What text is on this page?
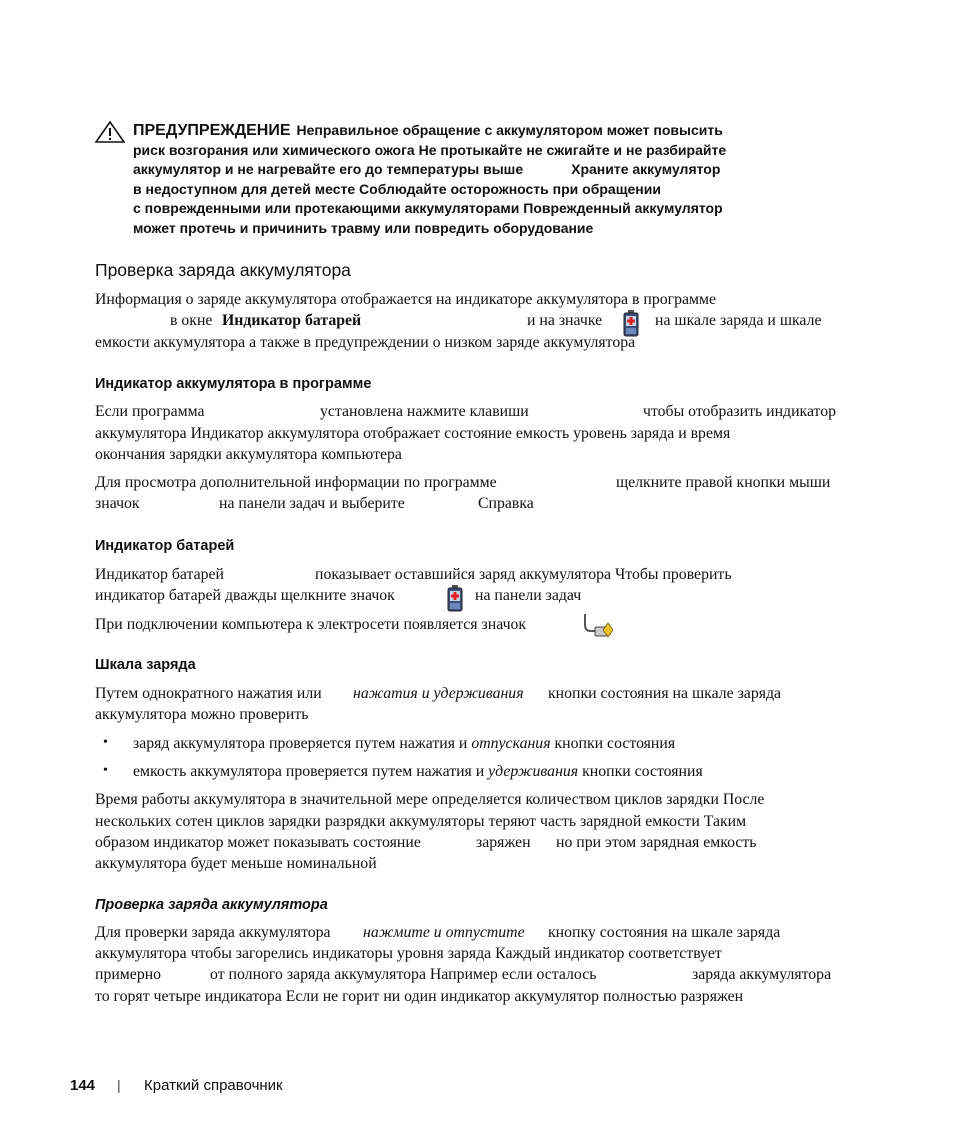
ПРЕДУПРЕЖДЕНИЕ Неправильное обращение с аккумулятором может повысить
риск возгорания или химического ожога Не протыкайте не сжигайте и не разбирайте
аккумулятор и не нагревайте его до температуры выше	Храните аккумулятор
в недоступном для детей месте Соблюдайте осторожность при обращении
с поврежденными или протекающими аккумуляторами Поврежденный аккумулятор
может протечь и причинить травму или повредить оборудование
Проверка заряда аккумулятора
Информация о заряде аккумулятора отображается на индикаторе аккумулятора в программе
в окне Индикатор батарей	и на значке	на шкале заряда и шкале
емкости аккумулятора а также в предупреждении о низком заряде аккумулятора
Индикатор аккумулятора в программе
Если программа	установлена нажмите клавиши	чтобы отобразить индикатор
аккумулятора Индикатор аккумулятора отображает состояние емкость уровень заряда и время
окончания зарядки аккумулятора компьютера
Для просмотра дополнительной информации по программе	щелкните правой кнопки мыши
значок	на панели задач и выберите	Справка
Индикатор батарей
Индикатор батарей	показывает оставшийся заряд аккумулятора Чтобы проверить
индикатор батарей дважды щелкните значок	на панели задач
При подключении компьютера к электросети появляется значок
Шкала заряда
Путем однократного нажатия или нажатия и удерживания кнопки состояния на шкале заряда
аккумулятора можно проверить
• заряд аккумулятора проверяется путем нажатия и отпускания кнопки состояния
• емкость аккумулятора проверяется путем нажатия и удерживания кнопки состояния
Время работы аккумулятора в значительной мере определяется количеством циклов зарядки После
нескольких сотен циклов зарядки разрядки аккумуляторы теряют часть зарядной емкости Таким
образом индикатор может показывать состояние	заряжен но при этом зарядная емкость
аккумулятора будет меньше номинальной
Проверка заряда аккумулятора
Для проверки заряда аккумулятора нажмите и отпустите кнопку состояния на шкале заряда
аккумулятора чтобы загорелись индикаторы уровня заряда Каждый индикатор соответствует
примерно	от полного заряда аккумулятора Например если осталось	заряда аккумулятора
то горят четыре индикатора Если не горит ни один индикатор аккумулятор полностью разряжен
144 | Краткий справочник
